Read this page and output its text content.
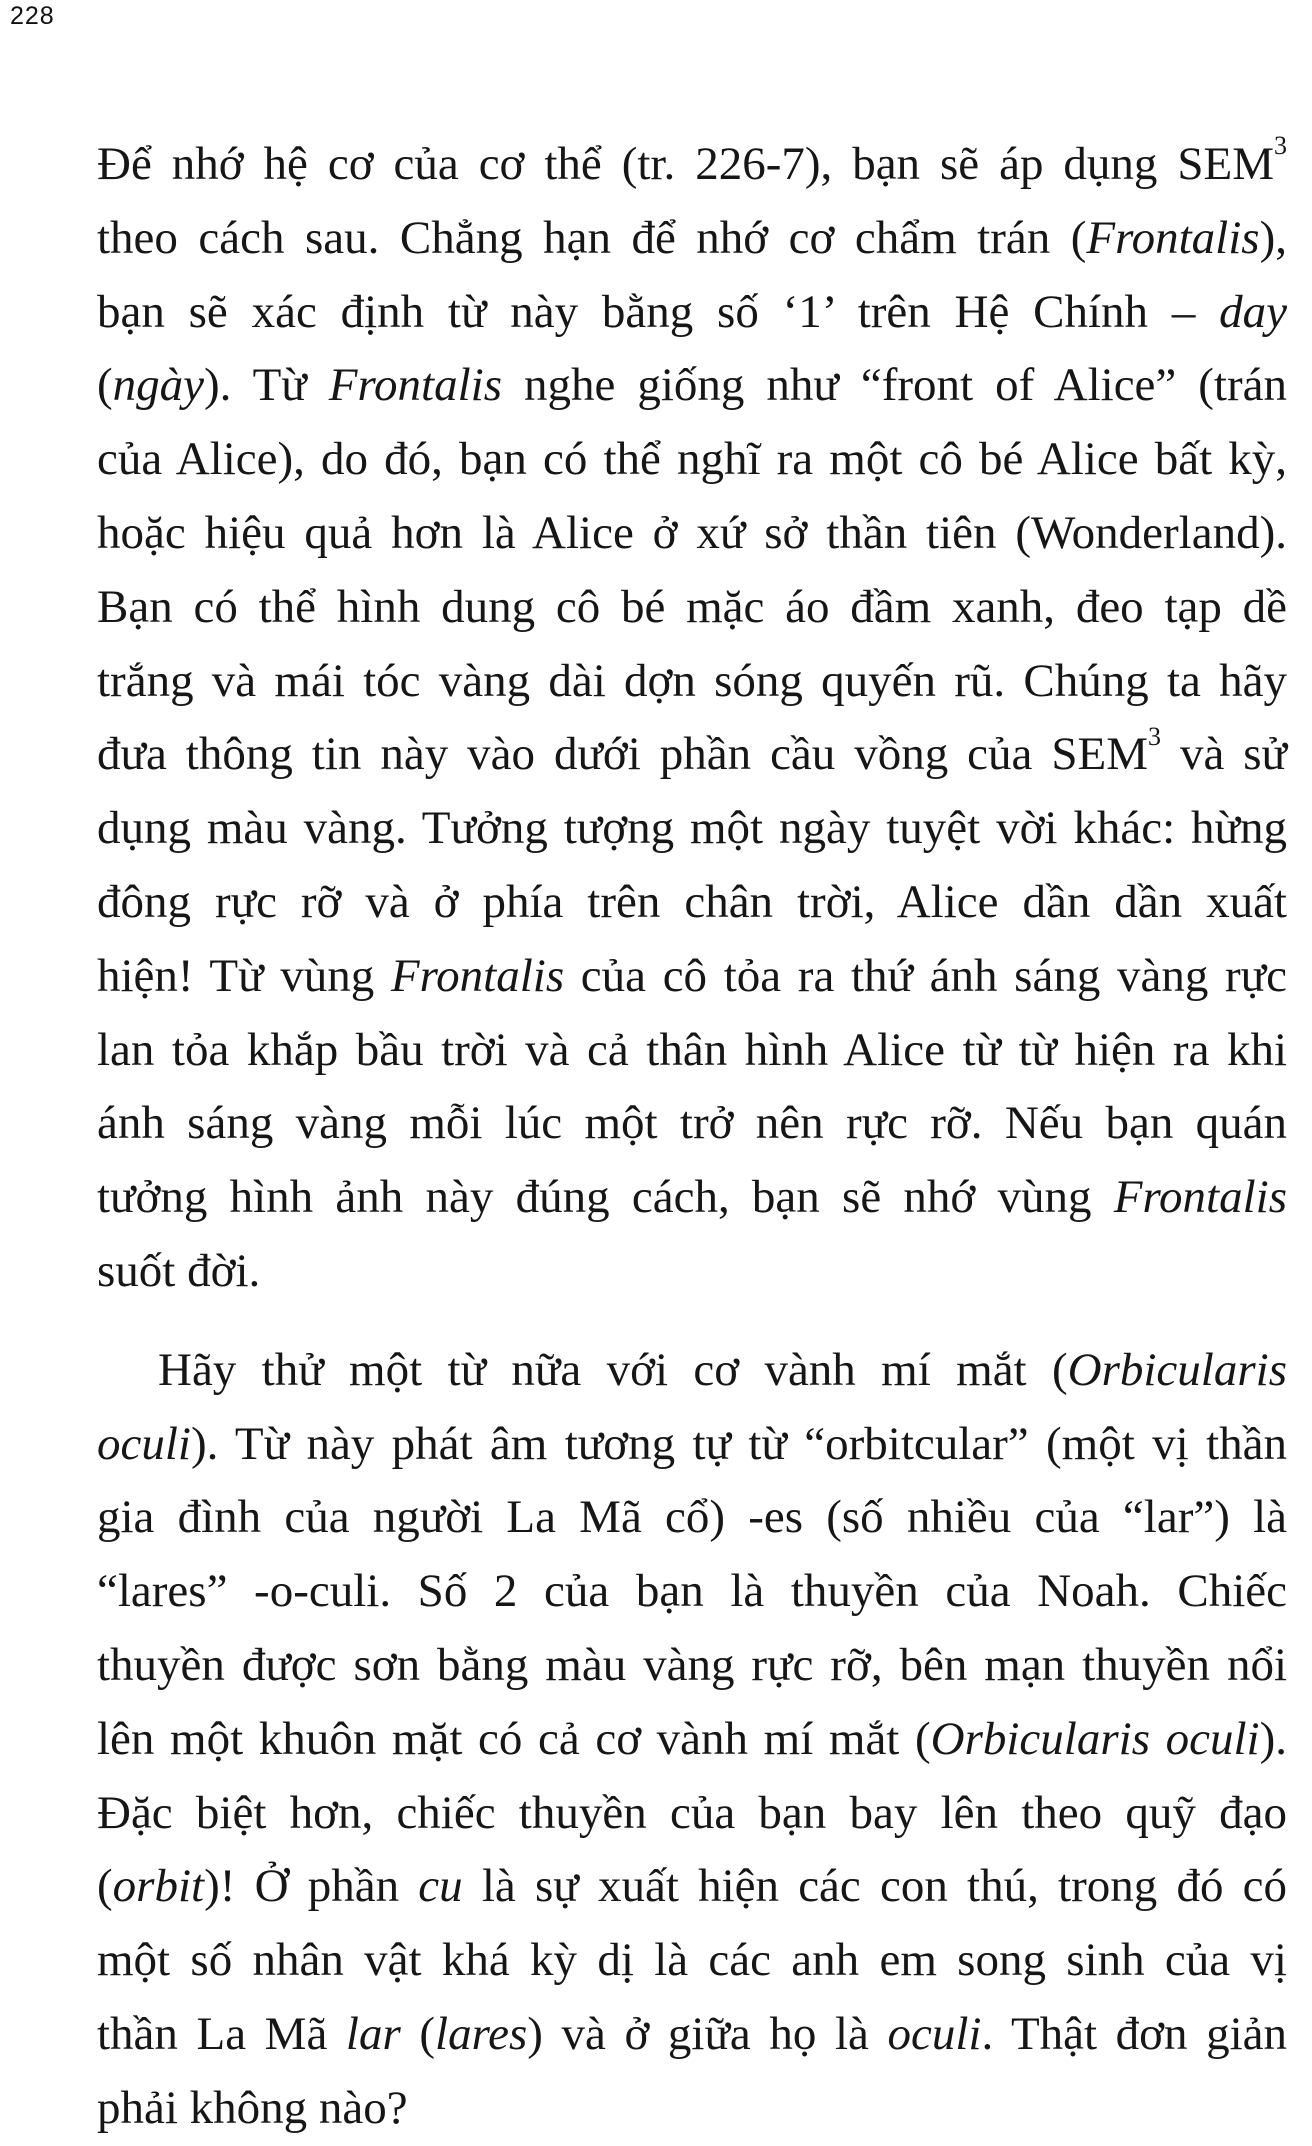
228
Để nhớ hệ cơ của cơ thể (tr. 226-7), bạn sẽ áp dụng SEM$^3$
theo cách sau. Chẳng hạn để nhớ cơ chẩm trán (Frontalis),
bạn sẽ xác định từ này bằng số ‘1’ trên Hệ Chính – day
(ngày). Từ Frontalis nghe giống như “front of Alice” (trán
của Alice), do đó, bạn có thể nghĩ ra một cô bé Alice bất kỳ,
hoặc hiệu quả hơn là Alice ở xứ sở thần tiên (Wonderland).
Bạn có thể hình dung cô bé mặc áo đầm xanh, đeo tạp dề
trắng và mái tóc vàng dài dợn sóng quyến rũ. Chúng ta hãy
đưa thông tin này vào dưới phần cầu vồng của SEM$^3$ và sử
dụng màu vàng. Tưởng tượng một ngày tuyệt vời khác: hừng
đông rực rỡ và ở phía trên chân trời, Alice dần dần xuất
hiện! Từ vùng Frontalis của cô tỏa ra thứ ánh sáng vàng rực
lan tỏa khắp bầu trời và cả thân hình Alice từ từ hiện ra khi
ánh sáng vàng mỗi lúc một trở nên rực rỡ. Nếu bạn quán
tưởng hình ảnh này đúng cách, bạn sẽ nhớ vùng Frontalis
suốt đời.
Hãy thử một từ nữa với cơ vành mí mắt (Orbicularis
oculi). Từ này phát âm tương tự từ “orbitcular” (một vị thần
gia đình của người La Mã cổ) -es (số nhiều của “lar”) là
“lares” -o-culi. Số 2 của bạn là thuyền của Noah. Chiếc
thuyền được sơn bằng màu vàng rực rỡ, bên mạn thuyền nổi
lên một khuôn mặt có cả cơ vành mí mắt (Orbicularis oculi).
Đặc biệt hơn, chiếc thuyền của bạn bay lên theo quỹ đạo
(orbit)! Ở phần cu là sự xuất hiện các con thú, trong đó có
một số nhân vật khá kỳ dị là các anh em song sinh của vị
thần La Mã lar (lares) và ở giữa họ là oculi. Thật đơn giản
phải không nào?
